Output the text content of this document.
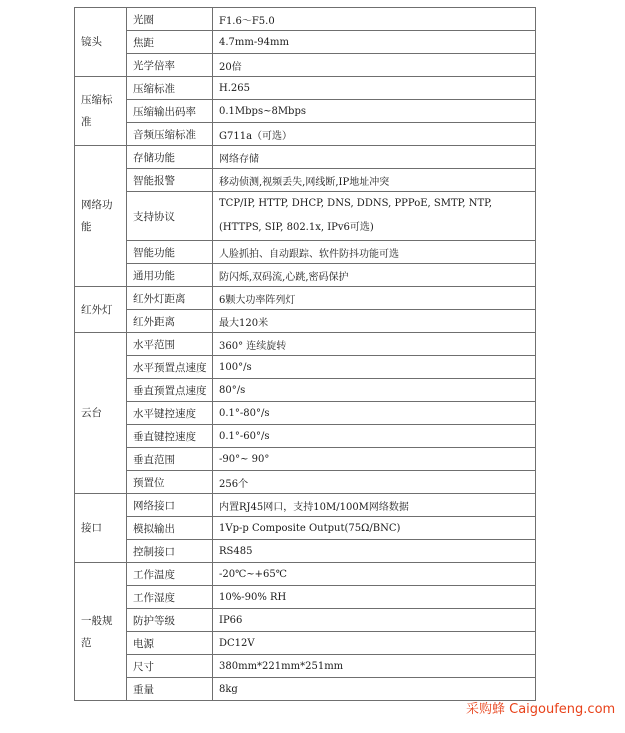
镜头	光圈	F1.6～F5.0
	焦距	4.7mm-94mm
	光学倍率	20倍
压缩标准	压缩标准	H.265
	压缩输出码率	0.1Mbps~8Mbps
	音频压缩标准	G711a（可选）
网络功能	存储功能	网络存储
	智能报警	移动侦测,视频丢失,网线断,IP地址冲突
	支持协议	TCP/IP, HTTP, DHCP, DNS, DDNS, PPPoE, SMTP, NTP,
(HTTPS, SIP, 802.1x, IPv6可选)

	智能功能	人脸抓拍、自动跟踪、软件防抖功能可选
	通用功能	防闪烁,双码流,心跳,密码保护
红外灯	红外灯距离	6颗大功率阵列灯
	红外距离	最大120米
云台	水平范围	360° 连续旋转
	水平预置点速度	100°/s
	垂直预置点速度	80°/s
	水平键控速度	0.1°-80°/s
	垂直键控速度	0.1°-60°/s
	垂直范围	-90°~ 90°
	预置位	256个
接口	网络接口	内置RJ45网口，支持10M/100M网络数据
	模拟输出	1Vp-p Composite Output(75Ω/BNC)
	控制接口	RS485
一般规范	工作温度	-20℃~+65℃
	工作湿度	10%-90% RH
	防护等级	IP66
	电源	DC12V
	尺寸	380mm*221mm*251mm
	重量	8kg
采购蜂 Caigoufeng.com
